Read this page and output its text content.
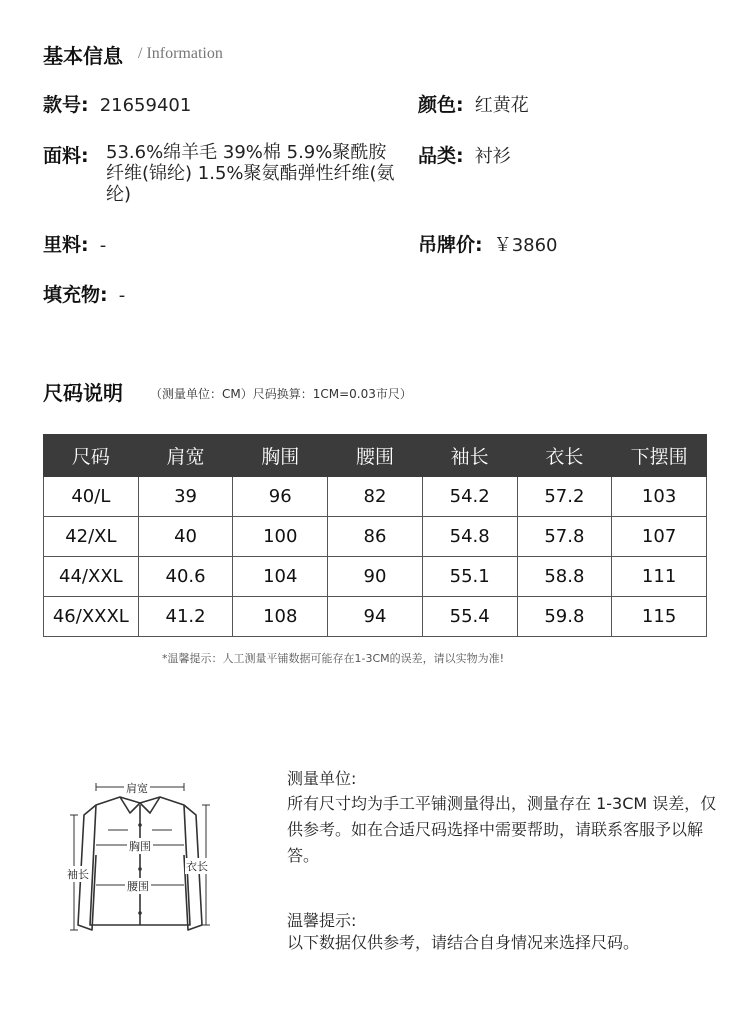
基本信息 / Information
款号: 21659401	颜色: 红黄花
面料: 53.6%绵羊毛 39%棉 5.9%聚酰胺纤维(锦纶) 1.5%聚氨酯弹性纤维(氨纶)
品类: 衬衫
里料: -	吊牌价: ￥3860
填充物: -
尺码说明 （测量单位：CM）尺码换算：1CM=0.03市尺）
尺码	肩宽	胸围	腰围	袖长	衣长	下摆围
40/L	39	96	82	54.2	57.2	103
42/XL	40	100	86	54.8	57.8	107
44/XXL	40.6	104	90	55.1	58.8	111
46/XXXL	41.2	108	94	55.4	59.8	115
*温馨提示：人工测量平铺数据可能存在1-3CM的误差，请以实物为准!
肩宽
胸围
腰围
袖长
衣长
测量单位:
所有尺寸均为手工平铺测量得出，测量存在 1-3CM 误差，仅供参考。如在合适尺码选择中需要帮助，请联系客服予以解答。
温馨提示:
以下数据仅供参考，请结合自身情况来选择尺码。
